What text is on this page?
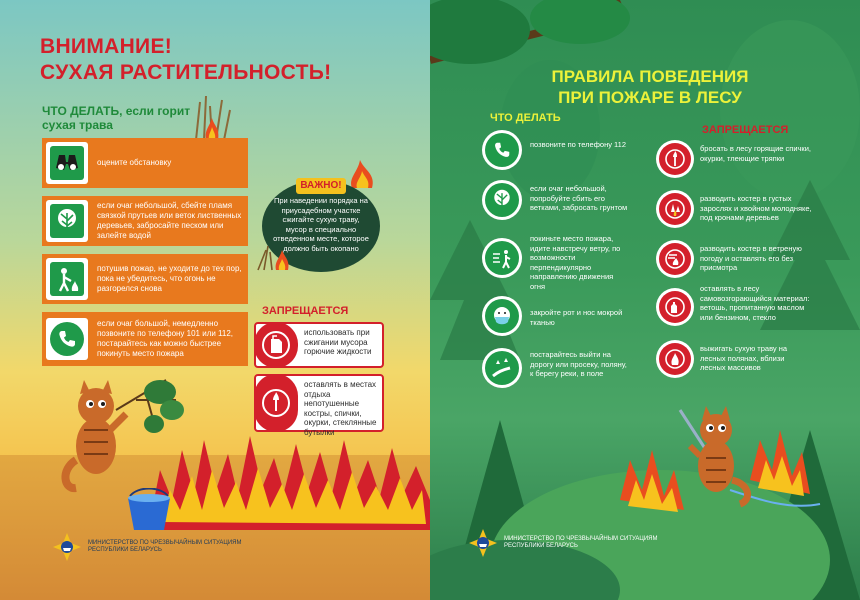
ВНИМАНИЕ!
СУХАЯ РАСТИТЕЛЬНОСТЬ!
ЧТО ДЕЛАТЬ, если горит сухая трава
оцените обстановку
если очаг небольшой, сбейте пламя связкой прутьев или веток лиственных деревьев, забросайте песком или залейте водой
потушив пожар, не уходите до тех пор, пока не убедитесь, что огонь не разгорелся снова
если очаг большой, немедленно позвоните по телефону 101 или 112, постарайтесь как можно быстрее покинуть место пожара
ВАЖНО!
При наведении порядка на приусадебном участке сжигайте сухую траву, мусор в специально отведенном месте, которое должно быть окопано
ЗАПРЕЩАЕТСЯ
использовать при сжигании мусора горючие жидкости
оставлять в местах отдыха непотушенные костры, спички, окурки, стеклянные бутылки
МИНИСТЕРСТВО ПО ЧРЕЗВЫЧАЙНЫМ СИТУАЦИЯМ РЕСПУБЛИКИ БЕЛАРУСЬ
ПРАВИЛА ПОВЕДЕНИЯ
ПРИ ПОЖАРЕ В ЛЕСУ
ЧТО ДЕЛАТЬ
ЗАПРЕЩАЕТСЯ
позвоните по телефону 112
если очаг небольшой, попробуйте сбить его ветками, забросать грунтом
покиньте место пожара, идите навстречу ветру, по возможности перпендикулярно направлению движения огня
закройте рот и нос мокрой тканью
постарайтесь выйти на дорогу или просеку, поляну, к берегу реки, в поле
бросать в лесу горящие спички, окурки, тлеющие тряпки
разводить костер в густых зарослях и хвойном молодняке, под кронами деревьев
разводить костер в ветреную погоду и оставлять его без присмотра
оставлять в лесу самовозгорающийся материал: ветошь, пропитанную маслом или бензином, стекло
выжигать сухую траву на лесных полянах, вблизи лесных массивов
МИНИСТЕРСТВО ПО ЧРЕЗВЫЧАЙНЫМ СИТУАЦИЯМ РЕСПУБЛИКИ БЕЛАРУСЬ
